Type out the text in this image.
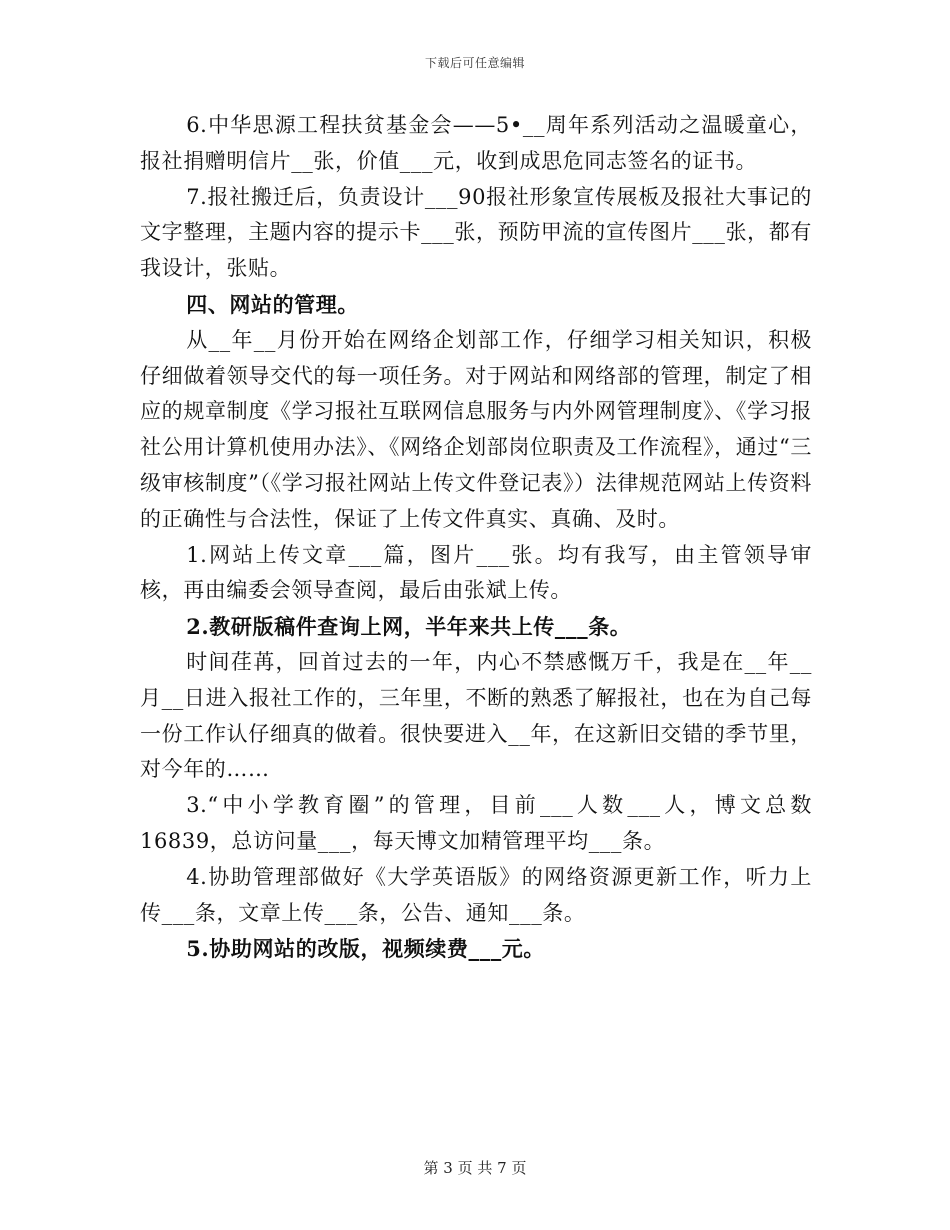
下载后可任意编辑

6.中华思源工程扶贫基金会——5•__周年系列活动之温暖童心，报社捐赠明信片__张，价值___元，收到成思危同志签名的证书。

7.报社搬迁后，负责设计___90报社形象宣传展板及报社大事记的文字整理，主题内容的提示卡___张，预防甲流的宣传图片___张，都有我设计，张贴。

四、网站的管理。

从__年__月份开始在网络企划部工作，仔细学习相关知识，积极仔细做着领导交代的每一项任务。对于网站和网络部的管理，制定了相应的规章制度《学习报社互联网信息服务与内外网管理制度》、《学习报社公用计算机使用办法》、《网络企划部岗位职责及工作流程》，通过“三级审核制度”（《学习报社网站上传文件登记表》）法律规范网站上传资料的正确性与合法性，保证了上传文件真实、真确、及时。

1.网站上传文章___篇，图片___张。均有我写，由主管领导审核，再由编委会领导查阅，最后由张斌上传。

2.教研版稿件查询上网，半年来共上传___条。

时间荏苒，回首过去的一年，内心不禁感慨万千，我是在__年__月__日进入报社工作的，三年里，不断的熟悉了解报社，也在为自己每一份工作认仔细真的做着。很快要进入__年，在这新旧交错的季节里，对今年的……

3.“中小学教育圈”的管理，目前___人数___人，博文总数16839，总访问量___，每天博文加精管理平均___条。

4.协助管理部做好《大学英语版》的网络资源更新工作，听力上传___条，文章上传___条，公告、通知___条。

5.协助网站的改版，视频续费___元。

第 3 页 共 7 页
